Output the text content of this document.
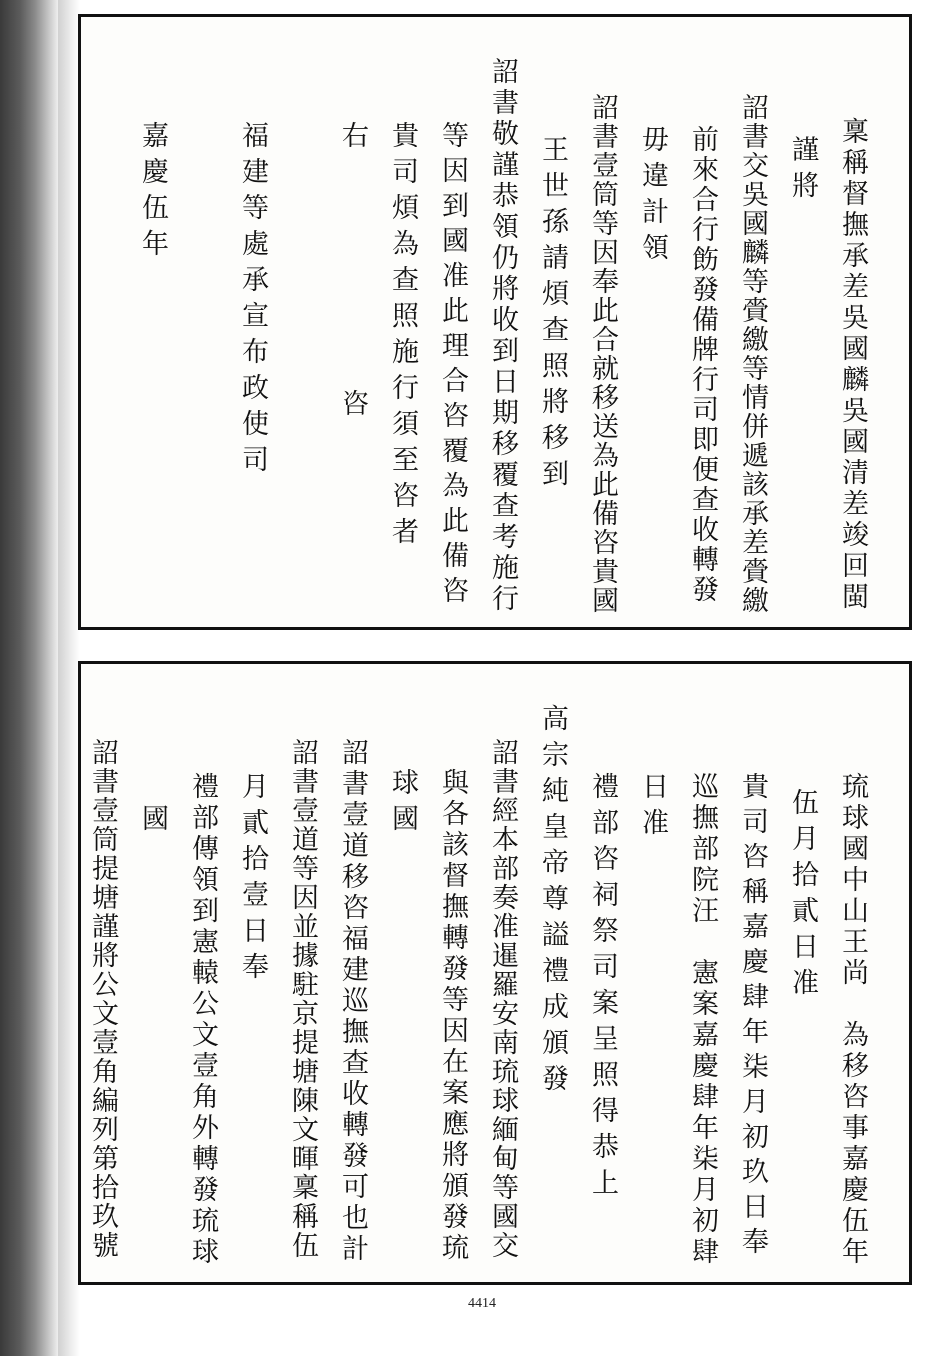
稟稱督撫承差吳國麟吳國清差竣回閩
謹將
詔書交吳國麟等賫繳等情併遞該承差賫繳
前來合行飭發備牌行司即便查收轉發
毋違計領
詔書壹筒等因奉此合就移送為此備咨貴國
王世孫請煩查照將移到
詔書敬謹恭領仍將收到日期移覆查考施行
等因到國准此理合咨覆為此備咨
貴司煩為查照施行須至咨者
右
咨
福建等處承宣布政使司
嘉慶伍年
琉球國中山王尚　為移咨事嘉慶伍年
伍月拾貳日准
貴司咨稱嘉慶肆年柒月初玖日奉
巡撫部院汪　憲案嘉慶肆年柒月初肆
日准
禮部咨祠祭司案呈照得恭上
高宗純皇帝尊謚禮成頒發
詔書經本部奏准暹羅安南琉球緬甸等國交
與各該督撫轉發等因在案應將頒發琉
球國
詔書壹道移咨福建巡撫查收轉發可也計
詔書壹道等因並據駐京提塘陳文暉稟稱伍
月貳拾壹日奉
禮部傳領到憲轅公文壹角外轉發琉球
國
詔書壹筒提塘謹將公文壹角編列第拾玖號
4414
